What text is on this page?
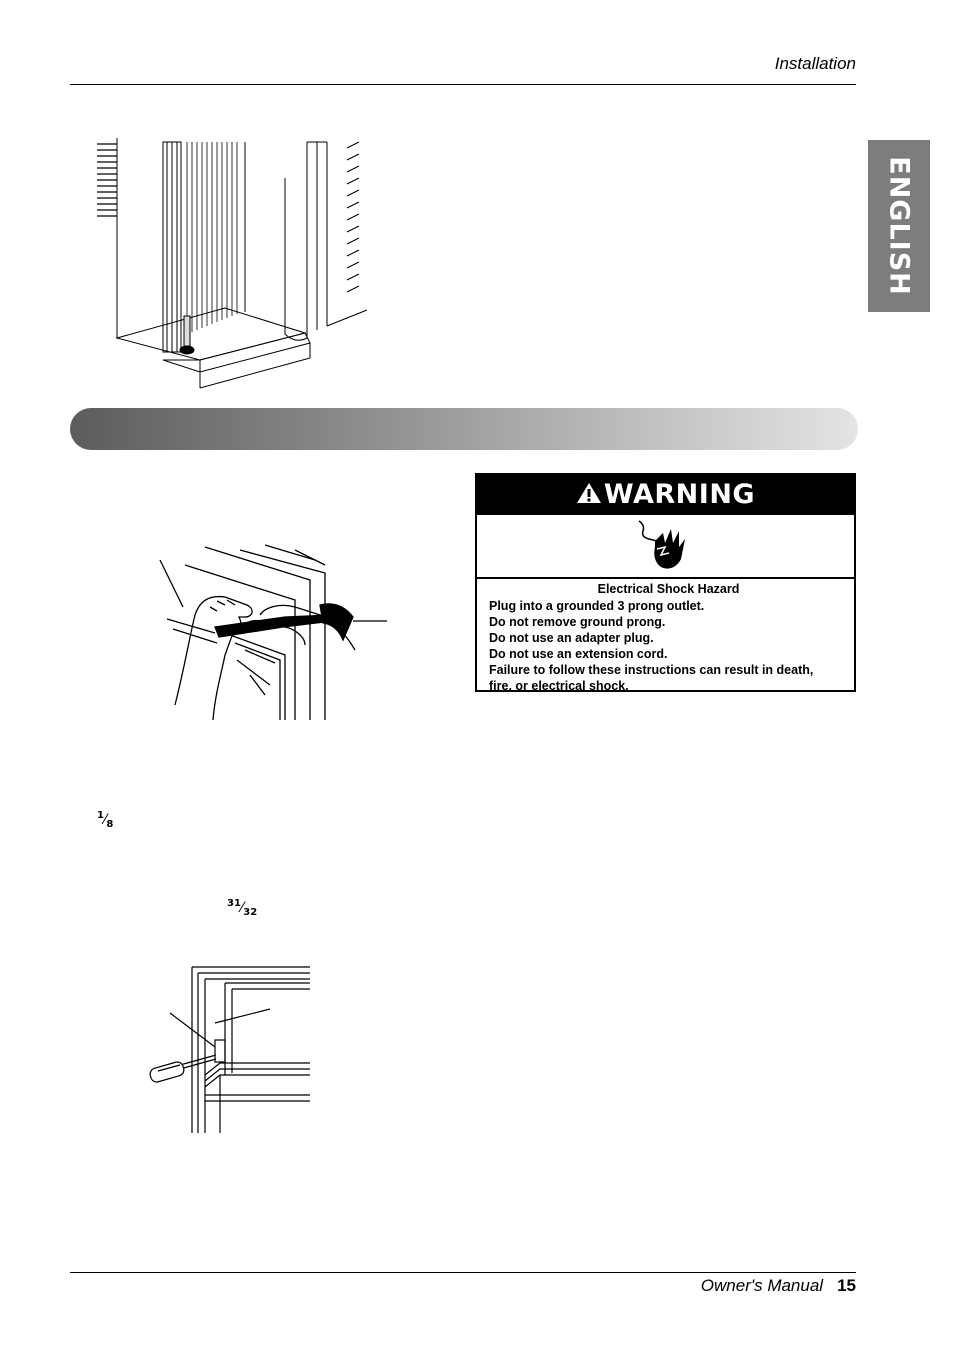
Installation
ENGLISH
$^1⁄_8$
$^{31}⁄_{32}$
WARNING
Electrical Shock Hazard
Plug into a grounded 3 prong outlet.
Do not remove ground prong.
Do not use an adapter plug.
Do not use an extension cord.
Failure to follow these instructions can result in death,
fire, or electrical shock.
Owner's Manual 15
